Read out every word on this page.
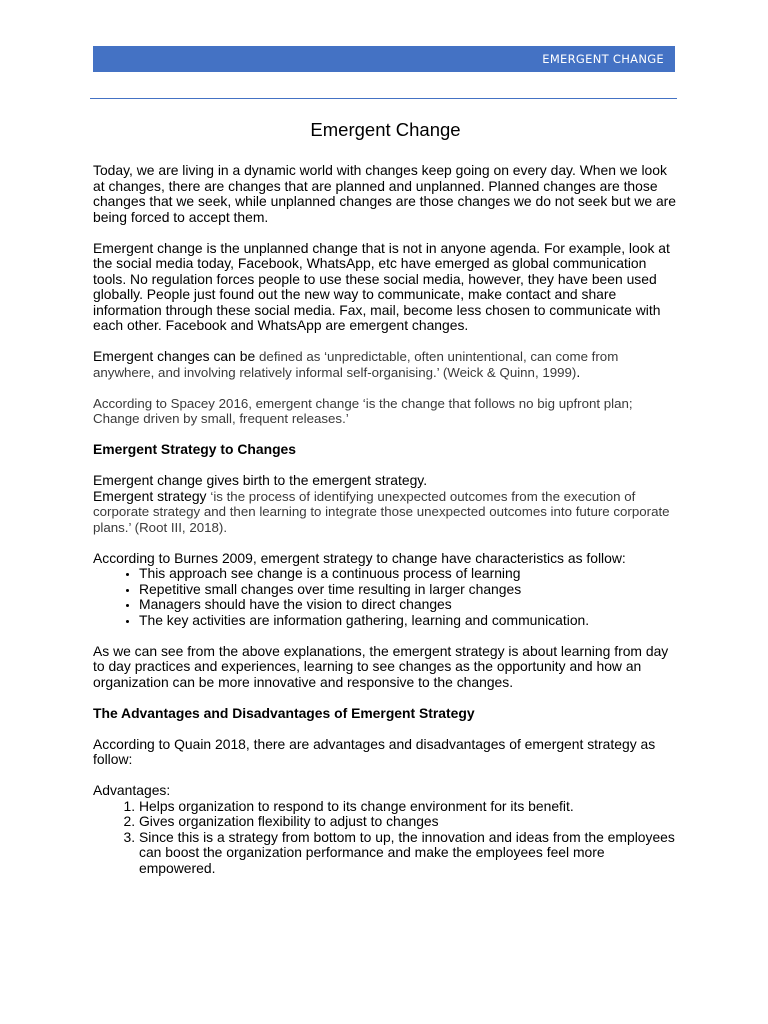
EMERGENT CHANGE
Emergent Change

Today, we are living in a dynamic world with changes keep going on every day. When we look at changes, there are changes that are planned and unplanned. Planned changes are those changes that we seek, while unplanned changes are those changes we do not seek but we are being forced to accept them.

Emergent change is the unplanned change that is not in anyone agenda. For example, look at the social media today, Facebook, WhatsApp, etc have emerged as global communication tools. No regulation forces people to use these social media, however, they have been used globally. People just found out the new way to communicate, make contact and share information through these social media. Fax, mail, become less chosen to communicate with each other. Facebook and WhatsApp are emergent changes.

Emergent changes can be defined as ‘unpredictable, often unintentional, can come from anywhere, and involving relatively informal self-organising.’ (Weick & Quinn, 1999).

According to Spacey 2016, emergent change ‘is the change that follows no big upfront plan; Change driven by small, frequent releases.’

Emergent Strategy to Changes

Emergent change gives birth to the emergent strategy.

Emergent strategy ‘is the process of identifying unexpected outcomes from the execution of corporate strategy and then learning to integrate those unexpected outcomes into future corporate plans.’ (Root III, 2018).

According to Burnes 2009, emergent strategy to change have characteristics as follow:

• This approach see change is a continuous process of learning
• Repetitive small changes over time resulting in larger changes
• Managers should have the vision to direct changes
• The key activities are information gathering, learning and communication.

As we can see from the above explanations, the emergent strategy is about learning from day to day practices and experiences, learning to see changes as the opportunity and how an organization can be more innovative and responsive to the changes.

The Advantages and Disadvantages of Emergent Strategy

According to Quain 2018, there are advantages and disadvantages of emergent strategy as follow:

Advantages:

1. Helps organization to respond to its change environment for its benefit.
2. Gives organization flexibility to adjust to changes
3. Since this is a strategy from bottom to up, the innovation and ideas from the employees can boost the organization performance and make the employees feel more empowered.
